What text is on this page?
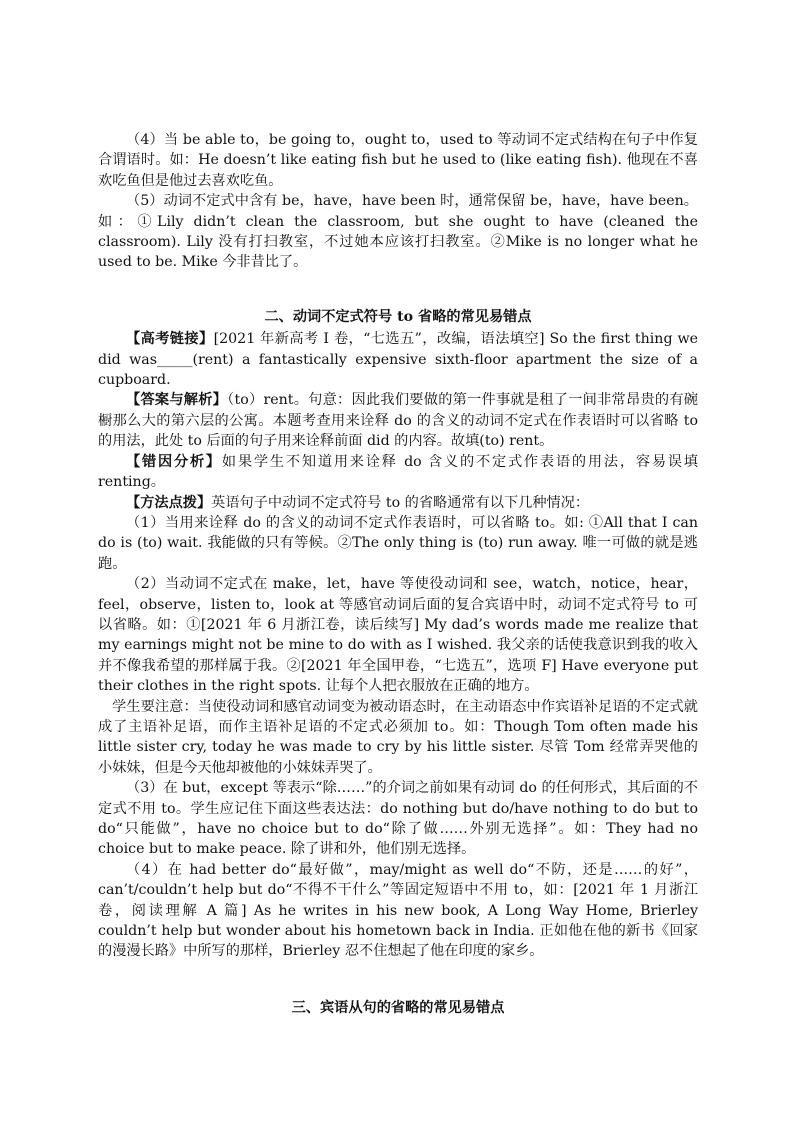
（4）当 be able to，be going to，ought to，used to 等动词不定式结构在句子中作复合谓语时。如：He doesn’t like eating fish but he used to (like eating fish). 他现在不喜欢吃鱼但是他过去喜欢吃鱼。

（5）动词不定式中含有 be，have，have been 时，通常保留 be，have，have been。如：①Lily didn’t clean the classroom, but she ought to have (cleaned the classroom). Lily 没有打扫教室，不过她本应该打扫教室。②Mike is no longer what he used to be. Mike 今非昔比了。

二、动词不定式符号 to 省略的常见易错点

【高考链接】[2021 年新高考 I 卷，“七选五”，改编，语法填空] So the first thing we did was_____(rent) a fantastically expensive sixth-floor apartment the size of a cupboard.

【答案与解析】（to）rent。句意：因此我们要做的第一件事就是租了一间非常昂贵的有碗橱那么大的第六层的公寓。本题考查用来诠释 do 的含义的动词不定式在作表语时可以省略 to 的用法，此处 to 后面的句子用来诠释前面 did 的内容。故填(to) rent。

【错因分析】如果学生不知道用来诠释 do 含义的不定式作表语的用法，容易误填 renting。

【方法点拨】英语句子中动词不定式符号 to 的省略通常有以下几种情况：

（1）当用来诠释 do 的含义的动词不定式作表语时，可以省略 to。如: ①All that I can do is (to) wait. 我能做的只有等候。②The only thing is (to) run away. 唯一可做的就是逃跑。

（2）当动词不定式在 make，let，have 等使役动词和 see，watch，notice，hear，feel，observe，listen to，look at 等感官动词后面的复合宾语中时，动词不定式符号 to 可以省略。如：①[2021 年 6 月浙江卷，读后续写] My dad’s words made me realize that my earnings might not be mine to do with as I wished. 我父亲的话使我意识到我的收入并不像我希望的那样属于我。②[2021 年全国甲卷，“七选五”，选项 F] Have everyone put their clothes in the right spots. 让每个人把衣服放在正确的地方。

学生要注意：当使役动词和感官动词变为被动语态时，在主动语态中作宾语补足语的不定式就成了主语补足语，而作主语补足语的不定式必须加 to。如：Though Tom often made his little sister cry, today he was made to cry by his little sister. 尽管 Tom 经常弄哭他的小妹妹，但是今天他却被他的小妹妹弄哭了。

（3）在 but，except 等表示“除……”的介词之前如果有动词 do 的任何形式，其后面的不定式不用 to。学生应记住下面这些表达法：do nothing but do/have nothing to do but to do“只能做”，have no choice but to do“除了做……外别无选择”。如：They had no choice but to make peace. 除了讲和外，他们别无选择。

（4）在 had better do“最好做”，may/might as well do“不防，还是……的好”，can’t/couldn’t help but do“不得不干什么”等固定短语中不用 to，如：[2021 年 1 月浙江卷，阅读理解 A 篇] As he writes in his new book, A Long Way Home, Brierley couldn’t help but wonder about his hometown back in India. 正如他在他的新书《回家的漫漫长路》中所写的那样，Brierley 忍不住想起了他在印度的家乡。

三、宾语从句的省略的常见易错点
